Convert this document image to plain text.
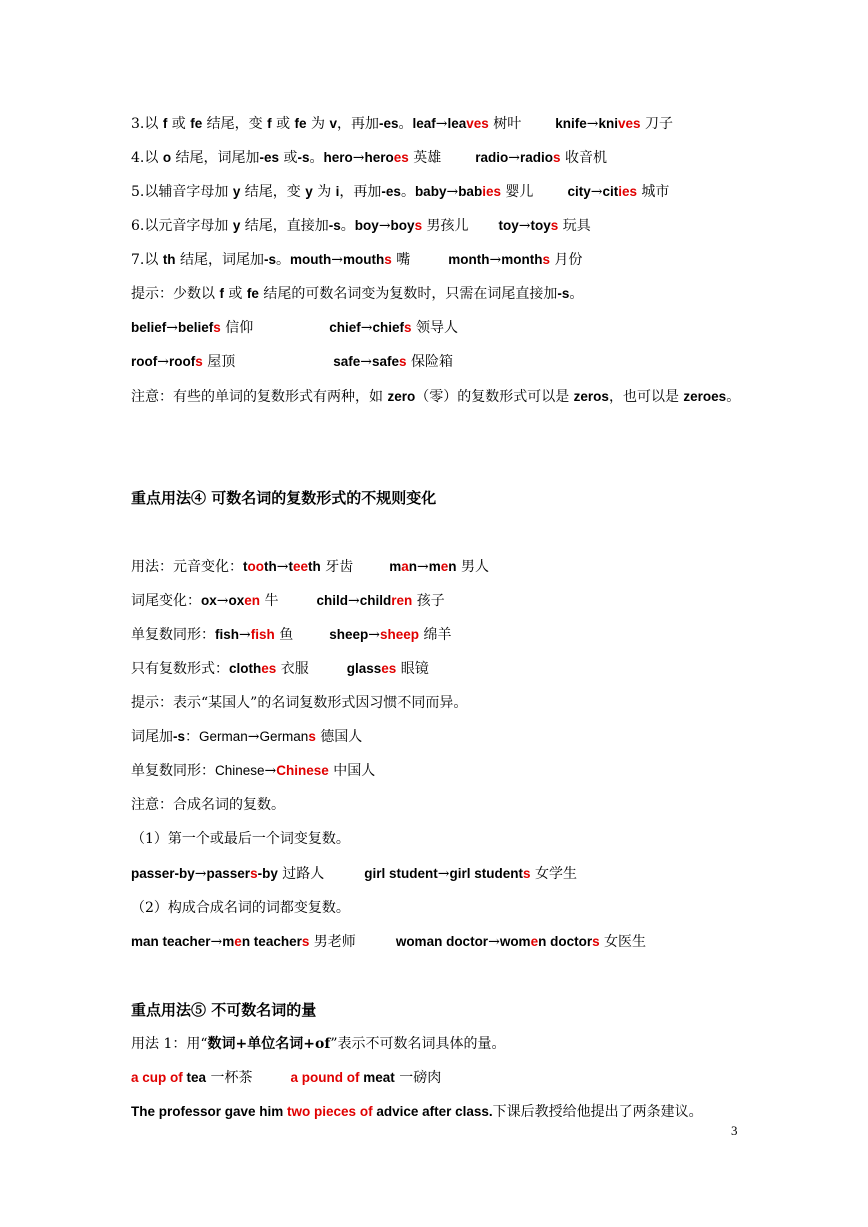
3.以 f 或 fe 结尾，变 f 或 fe 为 v，再加-es。leaf→leaves 树叶	knife→knives 刀子
4.以 o 结尾，词尾加-es 或-s。hero→heroes 英雄	radio→radios 收音机
5.以辅音字母加 y 结尾，变 y 为 i，再加-es。baby→babies 婴儿	city→cities 城市
6.以元音字母加 y 结尾，直接加-s。boy→boys 男孩儿 toy→toys 玩具
7.以 th 结尾，词尾加-s。mouth→mouths 嘴	month→months 月份
提示：少数以 f 或 fe 结尾的可数名词变为复数时，只需在词尾直接加-s。
belief→beliefs 信仰	chief→chiefs 领导人
roof→roofs 屋顶	safe→safes 保险箱
注意：有些的单词的复数形式有两种，如 zero（零）的复数形式可以是 zeros，也可以是 zeroes。
重点用法④ 可数名词的复数形式的不规则变化
用法：元音变化：tooth→teeth 牙齿	man→men 男人
词尾变化：ox→oxen 牛	child→children 孩子
单复数同形：fish→fish 鱼	sheep→sheep 绵羊
只有复数形式：clothes 衣服	glasses 眼镜
提示：表示“某国人”的名词复数形式因习惯不同而异。
词尾加-s：German→Germans 德国人
单复数同形：Chinese→Chinese 中国人
注意：合成名词的复数。
（1）第一个或最后一个词变复数。
passer-by→passers-by 过路人	girl student→girl students 女学生
（2）构成合成名词的词都变复数。
man teacher→men teachers 男老师	woman doctor→women doctors 女医生
重点用法⑤ 不可数名词的量
用法 1：用“数词+单位名词+of”表示不可数名词具体的量。
a cup of tea 一杯茶	a pound of meat 一磅肉
The professor gave him two pieces of advice after class.下课后教授给他提出了两条建议。
3
